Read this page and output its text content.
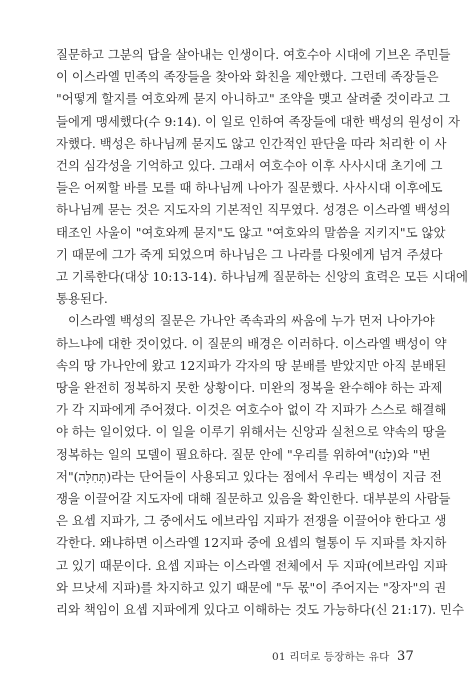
질문하고 그분의 답을 살아내는 인생이다. 여호수아 시대에 기브온 주민들
이 이스라엘 민족의 족장들을 찾아와 화친을 제안했다. 그런데 족장들은
"어떻게 할지를 여호와께 묻지 아니하고" 조약을 맺고 살려줄 것이라고 그
들에게 맹세했다(수 9:14). 이 일로 인하여 족장들에 대한 백성의 원성이 자
자했다. 백성은 하나님께 묻지도 않고 인간적인 판단을 따라 처리한 이 사
건의 심각성을 기억하고 있다. 그래서 여호수아 이후 사사시대 초기에 그
들은 어찌할 바를 모를 때 하나님께 나아가 질문했다. 사사시대 이후에도
하나님께 묻는 것은 지도자의 기본적인 직무였다. 성경은 이스라엘 백성의
태조인 사울이 "여호와께 묻지"도 않고 "여호와의 말씀을 지키지"도 않았
기 때문에 그가 죽게 되었으며 하나님은 그 나라를 다윗에게 넘겨 주셨다
고 기록한다(대상 10:13-14). 하나님께 질문하는 신앙의 효력은 모든 시대에
통용된다.

이스라엘 백성의 질문은 가나안 족속과의 싸움에 누가 먼저 나아가야
하느냐에 대한 것이었다. 이 질문의 배경은 이러하다. 이스라엘 백성이 약
속의 땅 가나안에 왔고 12지파가 각자의 땅 분배를 받았지만 아직 분배된
땅을 완전히 정복하지 못한 상황이다. 미완의 정복을 완수해야 하는 과제
가 각 지파에게 주어졌다. 이것은 여호수아 없이 각 지파가 스스로 해결해
야 하는 일이었다. 이 일을 이루기 위해서는 신앙과 실천으로 약속의 땅을
정복하는 일의 모델이 필요하다. 질문 안에 "우리를 위하여"(לָנוּ)와 "번
저"(תְּחִלָּה)라는 단어들이 사용되고 있다는 점에서 우리는 백성이 지금 전
쟁을 이끌어갈 지도자에 대해 질문하고 있음을 확인한다. 대부분의 사람들
은 요셉 지파가, 그 중에서도 에브라임 지파가 전쟁을 이끌어야 한다고 생
각한다. 왜냐하면 이스라엘 12지파 중에 요셉의 혈통이 두 지파를 차지하
고 있기 때문이다. 요셉 지파는 이스라엘 전체에서 두 지파(에브라임 지파
와 므낫세 지파)를 차지하고 있기 때문에 "두 몫"이 주어지는 "장자"의 권
리와 책임이 요셉 지파에게 있다고 이해하는 것도 가능하다(신 21:17). 민수

01 리더로 등장하는 유다 37
